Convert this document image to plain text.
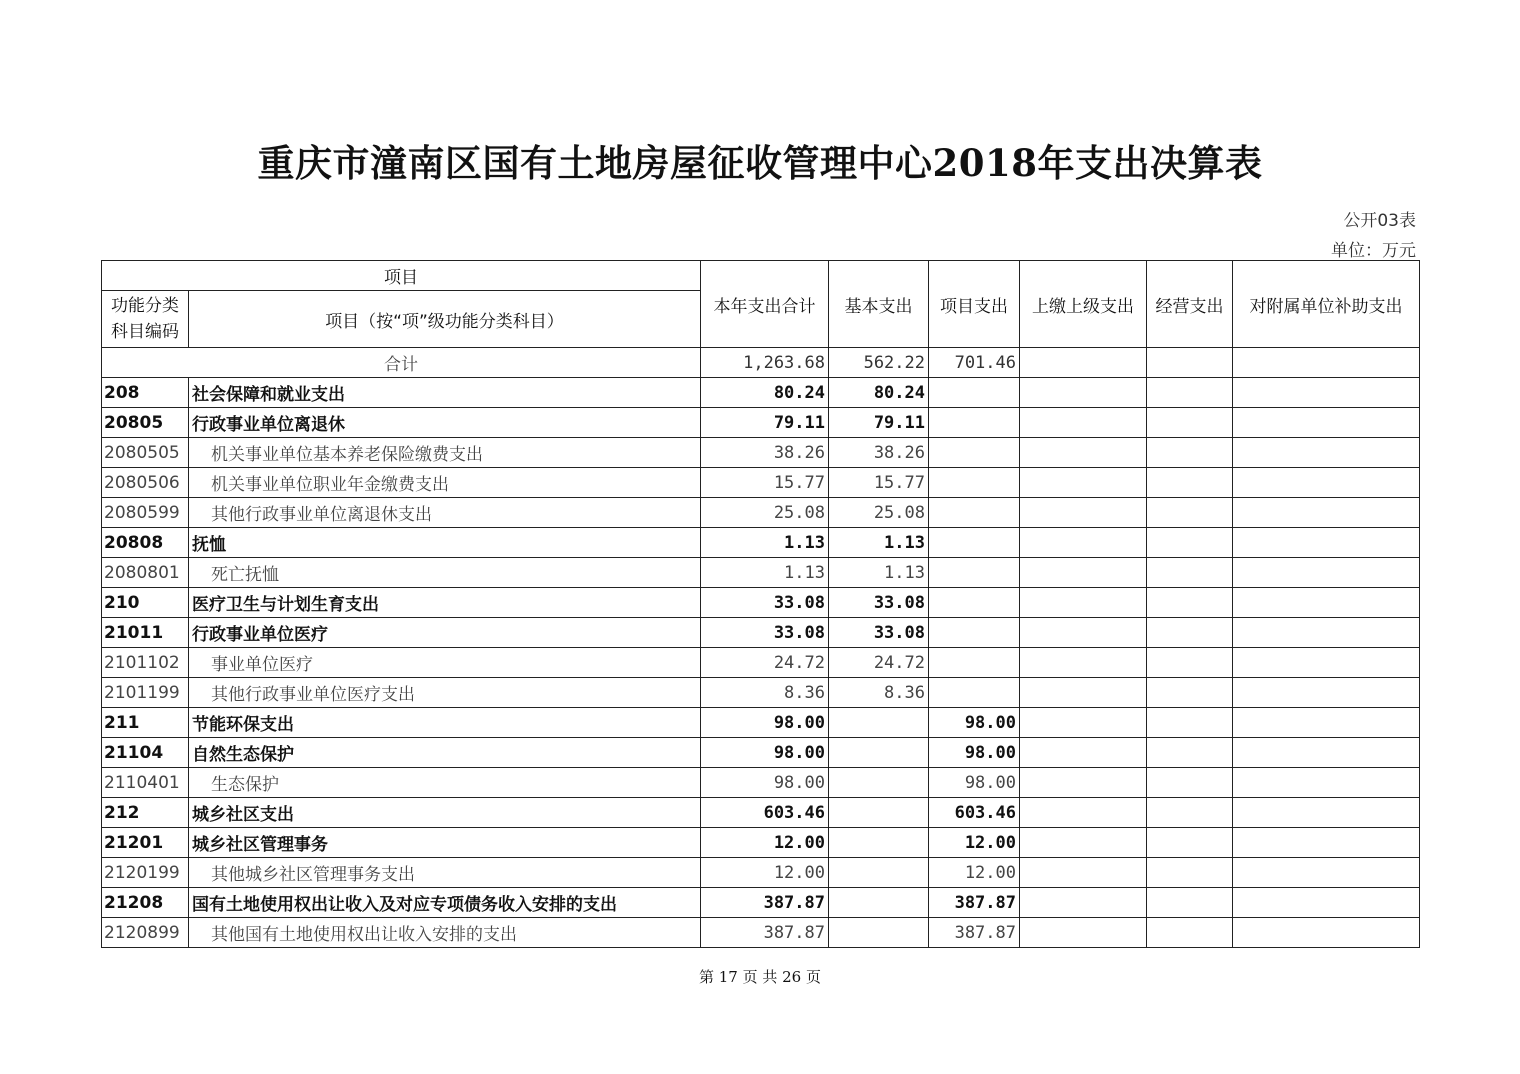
重庆市潼南区国有土地房屋征收管理中心2018年支出决算表
公开03表
单位：万元
项目		本年支出合计	基本支出	项目支出	上缴上级支出	经营支出	对附属单位补助支出
功能分类科目编码	项目（按“项”级功能分类科目）						
合计		1,263.68	562.22	701.46			
208	社会保障和就业支出	80.24	80.24				
20805	行政事业单位离退休	79.11	79.11				
2080505	机关事业单位基本养老保险缴费支出	38.26	38.26				
2080506	机关事业单位职业年金缴费支出	15.77	15.77				
2080599	其他行政事业单位离退休支出	25.08	25.08				
20808	抚恤	1.13	1.13				
2080801	死亡抚恤	1.13	1.13				
210	医疗卫生与计划生育支出	33.08	33.08				
21011	行政事业单位医疗	33.08	33.08				
2101102	事业单位医疗	24.72	24.72				
2101199	其他行政事业单位医疗支出	8.36	8.36				
211	节能环保支出	98.00		98.00			
21104	自然生态保护	98.00		98.00			
2110401	生态保护	98.00		98.00			
212	城乡社区支出	603.46		603.46			
21201	城乡社区管理事务	12.00		12.00			
2120199	其他城乡社区管理事务支出	12.00		12.00			
21208	国有土地使用权出让收入及对应专项债务收入安排的支出	387.87		387.87			
2120899	其他国有土地使用权出让收入安排的支出	387.87		387.87			
第 17 页 共 26 页
